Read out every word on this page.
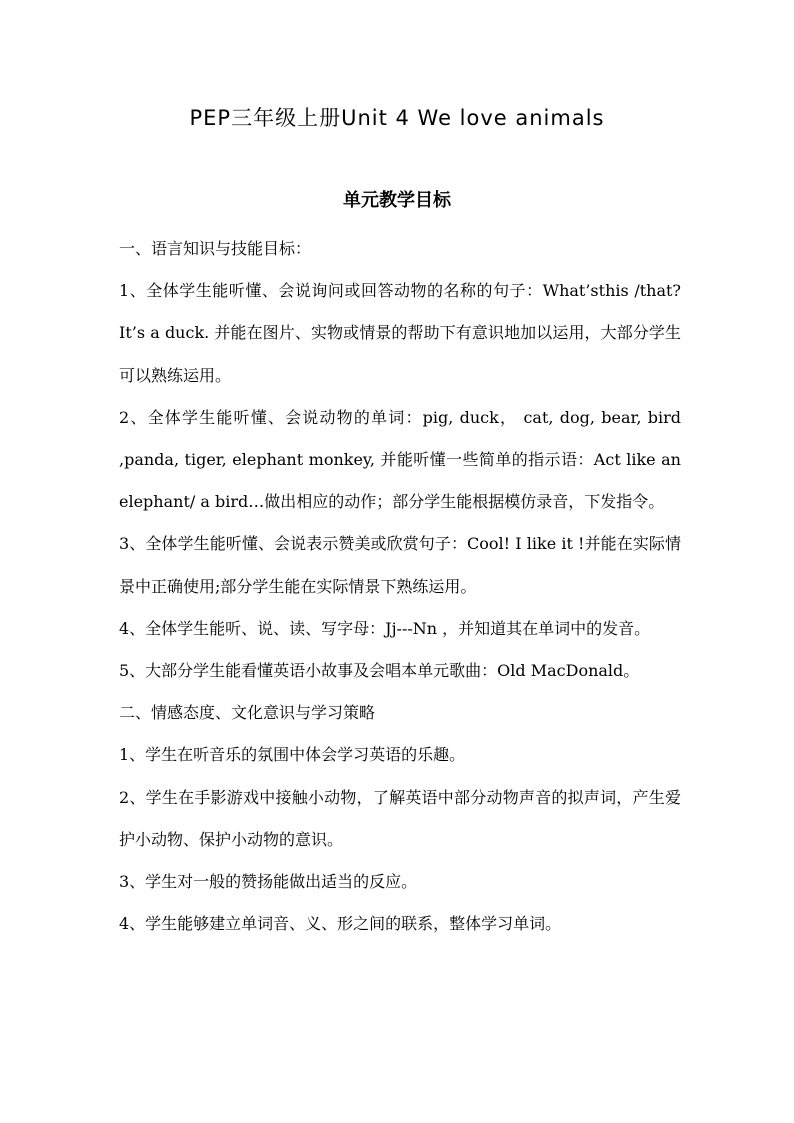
PEP三年级上册Unit 4 We love animals
单元教学目标

一、语言知识与技能目标：

1、全体学生能听懂、会说询问或回答动物的名称的句子：What’sthis /that? It’s a duck. 并能在图片、实物或情景的帮助下有意识地加以运用，大部分学生可以熟练运用。

2、全体学生能听懂、会说动物的单词：pig, duck， cat, dog, bear, bird ,panda, tiger, elephant monkey, 并能听懂一些简单的指示语：Act like an elephant/ a bird…做出相应的动作；部分学生能根据模仿录音，下发指令。

3、全体学生能听懂、会说表示赞美或欣赏句子：Cool! I like it !并能在实际情景中正确使用;部分学生能在实际情景下熟练运用。

4、全体学生能听、说、读、写字母：Jj---Nn ，并知道其在单词中的发音。

5、大部分学生能看懂英语小故事及会唱本单元歌曲：Old MacDonald。

二、情感态度、文化意识与学习策略

1、学生在听音乐的氛围中体会学习英语的乐趣。

2、学生在手影游戏中接触小动物，了解英语中部分动物声音的拟声词，产生爱护小动物、保护小动物的意识。

3、学生对一般的赞扬能做出适当的反应。

4、学生能够建立单词音、义、形之间的联系，整体学习单词。
